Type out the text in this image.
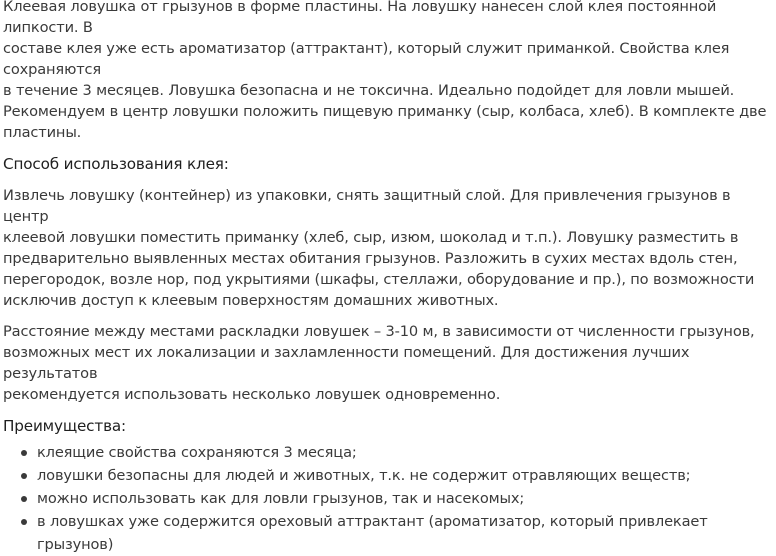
Клеевая ловушка от грызунов в форме пластины. На ловушку нанесен слой клея постоянной липкости. В
составе клея уже есть ароматизатор (аттрактант), который служит приманкой. Свойства клея сохраняются
в течение 3 месяцев. Ловушка безопасна и не токсична. Идеально подойдет для ловли мышей.
Рекомендуем в центр ловушки положить пищевую приманку (сыр, колбаса, хлеб). В комплекте две
пластины.

Способ использования клея:

Извлечь ловушку (контейнер) из упаковки, снять защитный слой. Для привлечения грызунов в центр
клеевой ловушки поместить приманку (хлеб, сыр, изюм, шоколад и т.п.). Ловушку разместить в
предварительно выявленных местах обитания грызунов. Разложить в сухих местах вдоль стен,
перегородок, возле нор, под укрытиями (шкафы, стеллажи, оборудование и пр.), по возможности
исключив доступ к клеевым поверхностям домашних животных.

Расстояние между местами раскладки ловушек – 3-10 м, в зависимости от численности грызунов,
возможных мест их локализации и захламленности помещений. Для достижения лучших результатов
рекомендуется использовать несколько ловушек одновременно.

Преимущества:

клеящие свойства сохраняются 3 месяца;
ловушки безопасны для людей и животных, т.к. не содержит отравляющих веществ;
можно использовать как для ловли грызунов, так и насекомых;
в ловушках уже содержится ореховый аттрактант (ароматизатор, который привлекает грызунов)
